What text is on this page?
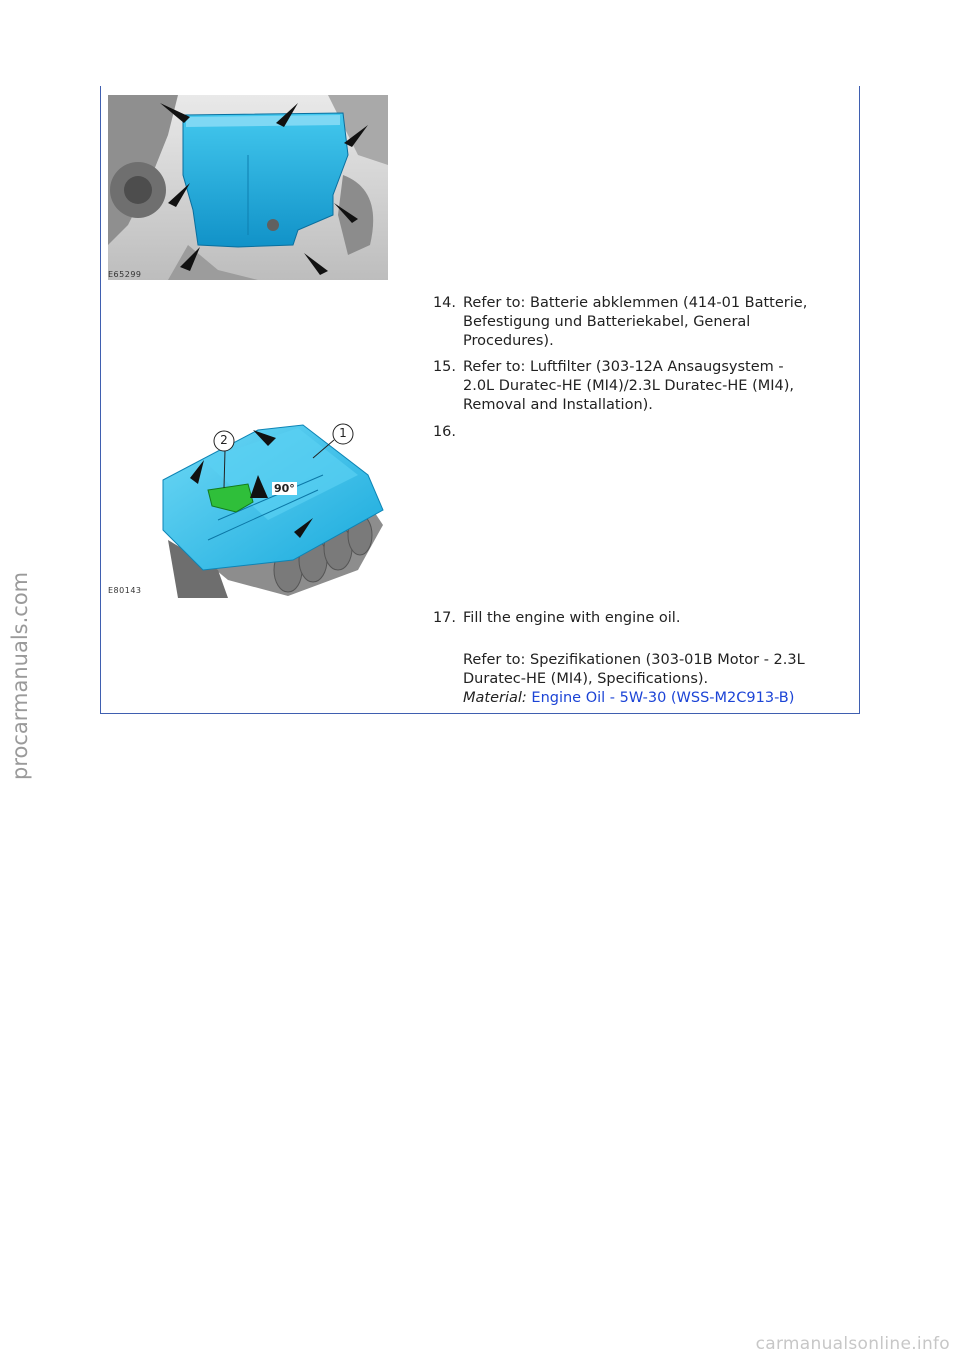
E65299
14. Refer to: Batterie abklemmen (414-01 Batterie,
Befestigung und Batteriekabel, General
Procedures).
15. Refer to: Luftfilter (303-12A Ansaugsystem -
2.0L Duratec-HE (MI4)/2.3L Duratec-HE (MI4),
Removal and Installation).
2	1
90°
E80143
16.
17. Fill the engine with engine oil.
Refer to: Spezifikationen (303-01B Motor - 2.3L
Duratec-HE (MI4), Specifications).
Material: Engine Oil - 5W-30 (WSS-M2C913-B)
procarmanuals.com
carmanualsonline.info
